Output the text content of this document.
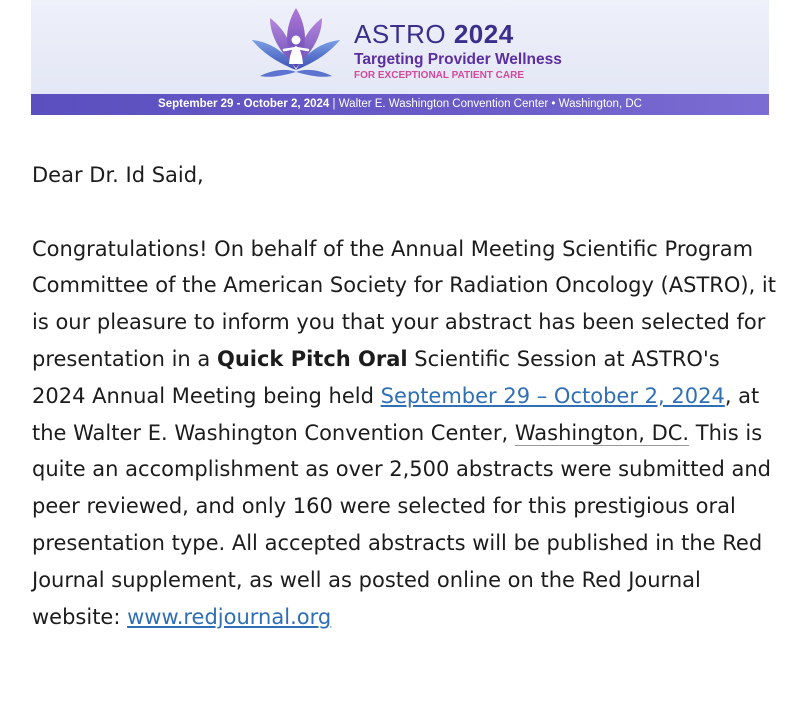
ASTRO 2024
Targeting Provider Wellness
FOR EXCEPTIONAL PATIENT CARE
September 29 - October 2, 2024 | Walter E. Washington Convention Center • Washington, DC

Dear Dr. Id Said,

Congratulations! On behalf of the Annual Meeting Scientific Program Committee of the American Society for Radiation Oncology (ASTRO), it is our pleasure to inform you that your abstract has been selected for presentation in a Quick Pitch Oral Scientific Session at ASTRO's 2024 Annual Meeting being held September 29 – October 2, 2024, at the Walter E. Washington Convention Center, Washington, DC. This is quite an accomplishment as over 2,500 abstracts were submitted and peer reviewed, and only 160 were selected for this prestigious oral presentation type. All accepted abstracts will be published in the Red Journal supplement, as well as posted online on the Red Journal website: www.redjournal.org
